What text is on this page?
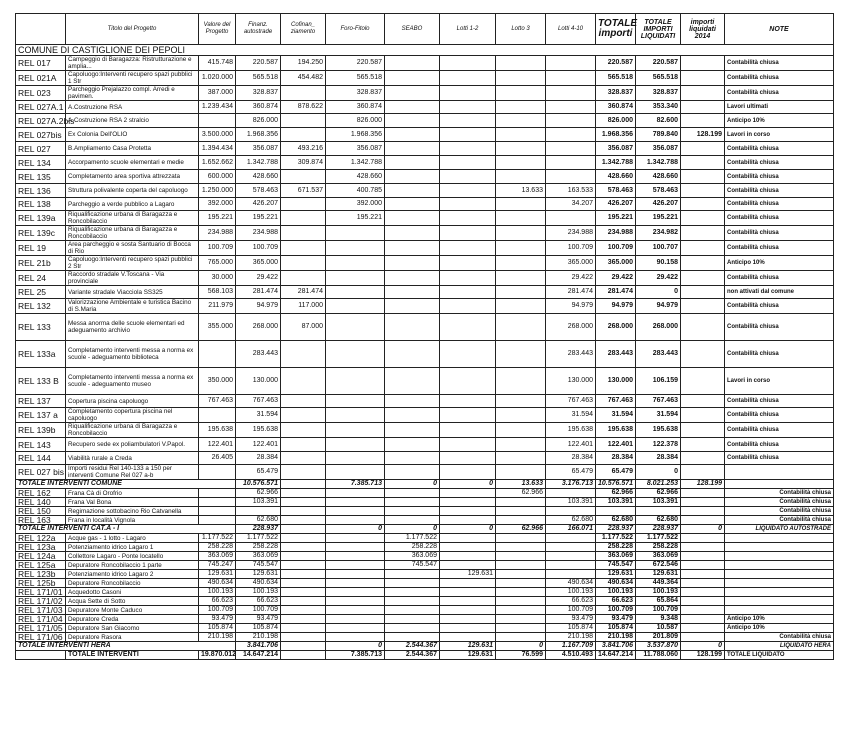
	Titolo del Progetto	Valore del Progetto	Finanz. autostrade	Cofinan_ ziamento	Foro-Fitolo	SEABO	Lotti 1-2	Lotto 3	Lotti 4-10	TOTALE importi	TOTALE IMPORTI LIQUIDATI	importi liquidati 2014	NOTE
COMUNE DI CASTIGLIONE DEI PEPOLI													
REL 017	Campeggio di Baragazza: Ristrutturazione e amplia...	415.748	220.587	194.250	220.587					220.587	220.587		Contabilità chiusa
REL 021A	Capoluogo:Interventi recupero spazi pubblici 1 Str	1.020.000	565.518	454.482	565.518					565.518	565.518		Contabilità chiusa
REL 023	Parcheggio Prejalazzo compl. Arredi e pavimen.	387.000	328.837		328.837					328.837	328.837		Contabilità chiusa
REL 027A.1	A.Costruzione RSA	1.239.434	360.874	878.622	360.874					360.874	353.340		Lavori ultimati
REL 027A.2bis	A.Costruzione RSA 2 stralcio		826.000		826.000					826.000	82.600		Anticipo 10%
REL 027bis	Ex Colonia Dell'OLIO	3.500.000	1.968.356		1.968.356					1.968.356	789.840	128.199	Lavori in corso
REL 027	B.Ampliamento Casa Protetta	1.394.434	356.087	493.216	356.087					356.087	356.087		Contabilità chiusa
REL 134	Accorpamento scuole elementari e medie	1.652.662	1.342.788	309.874	1.342.788					1.342.788	1.342.788		Contabilità chiusa
REL 135	Completamento area sportiva attrezzata	600.000	428.660		428.660					428.660	428.660		Contabilità chiusa
REL 136	Struttura polivalente coperta del capoluogo	1.250.000	578.463	671.537	400.785			13.633	163.533	578.463	578.463		Contabilità chiusa
REL 138	Parcheggio a verde pubblico a Lagaro	392.000	426.207		392.000				34.207	426.207	426.207		Contabilità chiusa
REL 139a	Riqualificazione urbana di Baragazza e Roncobilaccio	195.221	195.221		195.221					195.221	195.221		Contabilità chiusa
REL 139c	Riqualificazione urbana di Baragazza e Roncobilaccio	234.988	234.988						234.988	234.988	234.982		Contabilità chiusa
REL 19	Area parcheggio e sosta Santuario di Bocca di Rio	100.709	100.709						100.709	100.709	100.707		Contabilità chiusa
REL 21b	Capoluogo:Interventi recupero spazi pubblici 2 Str	765.000	365.000						365.000	365.000	90.158		Anticipo 10%
REL 24	Raccordo stradale V.Toscana - Via provinciale	30.000	29.422						29.422	29.422	29.422		Contabilità chiusa
REL 25	Variante stradale Viacciola SS325	568.103	281.474	281.474					281.474	281.474	0		non attivati dal comune
REL 132	Valorizzazione Ambientale e turistica Bacino di S.Maria	211.979	94.979	117.000					94.979	94.979	94.979		Contabilità chiusa
REL 133	Messa anorma delle scuole elementari ed adeguamento archivio	355.000	268.000	87.000					268.000	268.000	268.000		Contabilità chiusa
REL 133a	Completamento interventi messa a norma ex scuole - adeguamento biblioteca		283.443						283.443	283.443	283.443		Contabilità chiusa
REL 133 B	Completamento interventi messa a norma ex scuole - adeguamento museo	350.000	130.000						130.000	130.000	106.159		Lavori in corso
REL 137	Copertura piscina capoluogo	767.463	767.463						767.463	767.463	767.463		Contabilità chiusa
REL 137 a	Completamento copertura piscina nel capoluogo		31.594						31.594	31.594	31.594		Contabilità chiusa
REL 139b	Riqualificazione urbana di Baragazza e Roncobilaccio	195.638	195.638						195.638	195.638	195.638		Contabilità chiusa
REL 143	Recupero sede ex poliambulatori V.Papol.	122.401	122.401						122.401	122.401	122.378		Contabilità chiusa
REL 144	Viabilità rurale a Creda	26.405	28.384						28.384	28.384	28.384		Contabilità chiusa
REL 027 bis	Importi residui Rel 140-133 a 150 per interventi Comune Rel 027 a-b		65.479						65.479	65.479	0		
TOTALE INTERVENTI COMUNE			10.576.571		7.385.713	0	0	13.633	3.176.713	10.576.571	8.021.253	128.199	
REL 162	Frana Cà di Orofrio		62.966					62.966		62.966	62.966		Contabilità chiusa
REL 140	Frana Val Bona		103.391						103.391	103.391	103.391		Contabilità chiusa
REL 150	Regimazione sottobacino Rio Catvanella												Contabilità chiusa
REL 163	Frana in località Vignola		62.680						62.680	62.680	62.680		Contabilità chiusa
TOTALE INTERVENTI CAT.A - I			228.937		0	0	0	62.966	166.071	228.937	228.937	0	LIQUIDATO AUTOSTRADE
REL 122a	Acque gas - 1 lotto - Lagaro	1.177.522	1.177.522			1.177.522				1.177.522	1.177.522		
REL 123a	Potenziamento idrico Lagaro 1	258.228	258.228			258.228				258.228	258.228		
REL 124a	Collettore Lagaro - Ponte locatello	363.069	363.069			363.069				363.069	363.069		
REL 125a	Depuratore Roncobilaccio 1 parte	745.247	745.547			745.547				745.547	672.546		
REL 123b	Potenziamento idrico Lagaro 2	129.631	129.631				129.631			129.631	129.631		
REL 125b	Depuratore Roncobilaccio	490.634	490.634						490.634	490.634	449.364		
REL 171/01	Acquedotto Casoni	100.193	100.193						100.193	100.193	100.193		
REL 171/02	Acqua Sette di Sotto	66.623	66.623						66.623	66.623	65.864		
REL 171/03	Depuratore Monte Caduco	100.709	100.709						100.709	100.709	100.709		
REL 171/04	Depuratore Creda	93.479	93.479						93.479	93.479	9.348		Anticipo 10%
REL 171/05	Depuratore San Giacomo	105.874	105.874						105.874	105.874	10.587		Anticipo 10%
REL 171/06	Depuratore Rasora	210.198	210.198						210.198	210.198	201.809		Contabilità chiusa
TOTALE INTERVENTI HERA			3.841.706		0	2.544.367	129.631	0	1.167.709	3.841.706	3.537.870	0	LIQUIDATO HERA
	TOTALE INTERVENTI	19.870.012	14.647.214		7.385.713	2.544.367	129.631	76.599	4.510.493	14.647.214	11.788.060	128.199	TOTALE LIQUIDATO
